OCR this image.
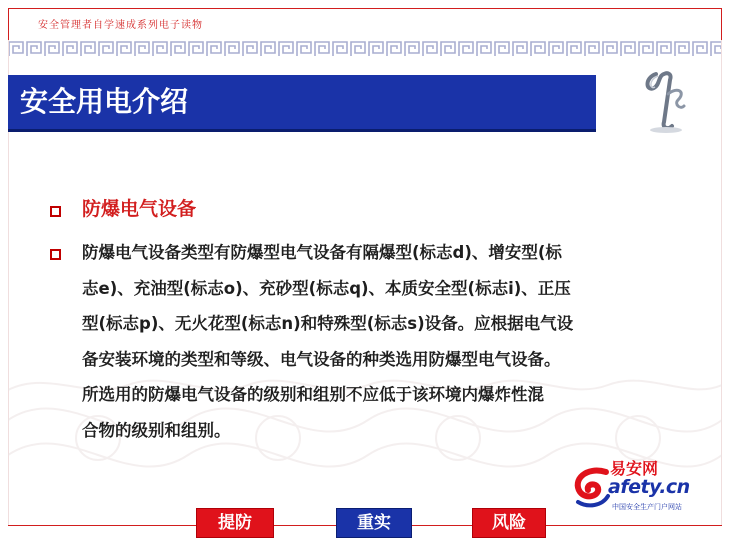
安全管理者自学速成系列电子读物
安全用电介绍
防爆电气设备
防爆电气设备类型有防爆型电气设备有隔爆型(标志d)、增安型(标
志e)、充油型(标志o)、充砂型(标志q)、本质安全型(标志i)、正压
型(标志p)、无火花型(标志n)和特殊型(标志s)设备。应根据电气设
备安装环境的类型和等级、电气设备的种类选用防爆型电气设备。
所选用的防爆电气设备的级别和组别不应低于该环境内爆炸性混
合物的级别和组别。
提防	重实	风险
易安网
afety.cn
中国安全生产门户网站
